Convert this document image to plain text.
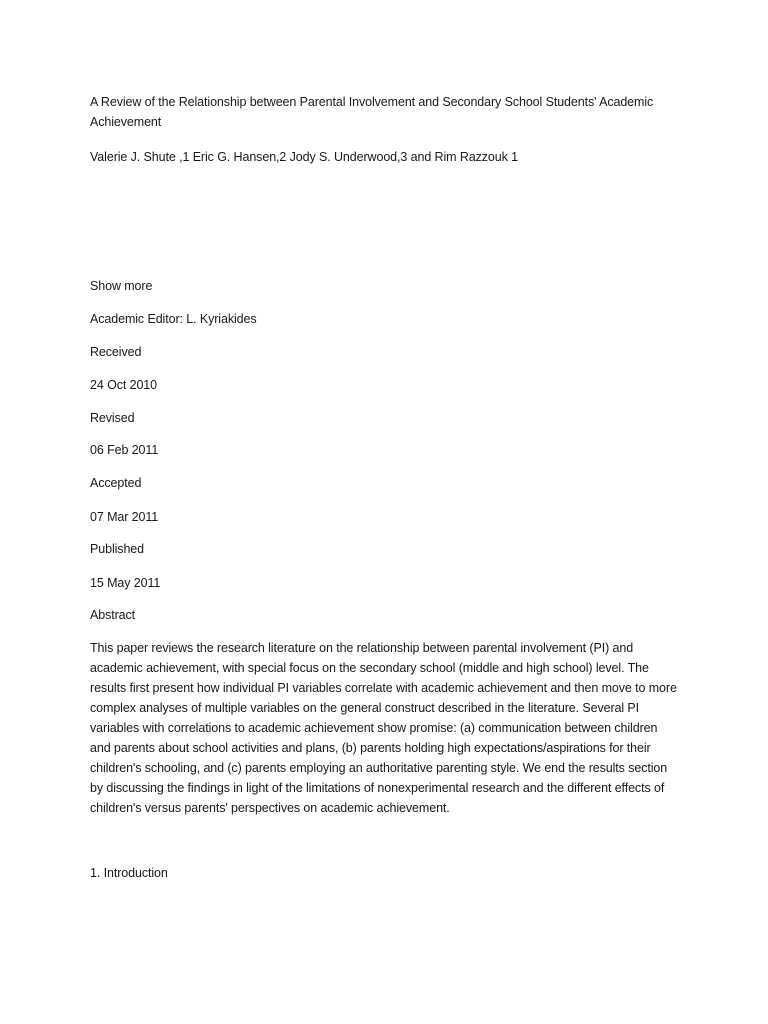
A Review of the Relationship between Parental Involvement and Secondary School Students' Academic Achievement
Valerie J. Shute ,1 Eric G. Hansen,2 Jody S. Underwood,3 and Rim Razzouk 1
Show more
Academic Editor: L. Kyriakides
Received
24 Oct 2010
Revised
06 Feb 2011
Accepted
07 Mar 2011
Published
15 May 2011
Abstract
This paper reviews the research literature on the relationship between parental involvement (PI) and academic achievement, with special focus on the secondary school (middle and high school) level. The results first present how individual PI variables correlate with academic achievement and then move to more complex analyses of multiple variables on the general construct described in the literature. Several PI variables with correlations to academic achievement show promise: (a) communication between children and parents about school activities and plans, (b) parents holding high expectations/aspirations for their children's schooling, and (c) parents employing an authoritative parenting style. We end the results section by discussing the findings in light of the limitations of nonexperimental research and the different effects of children's versus parents' perspectives on academic achievement.
1. Introduction
